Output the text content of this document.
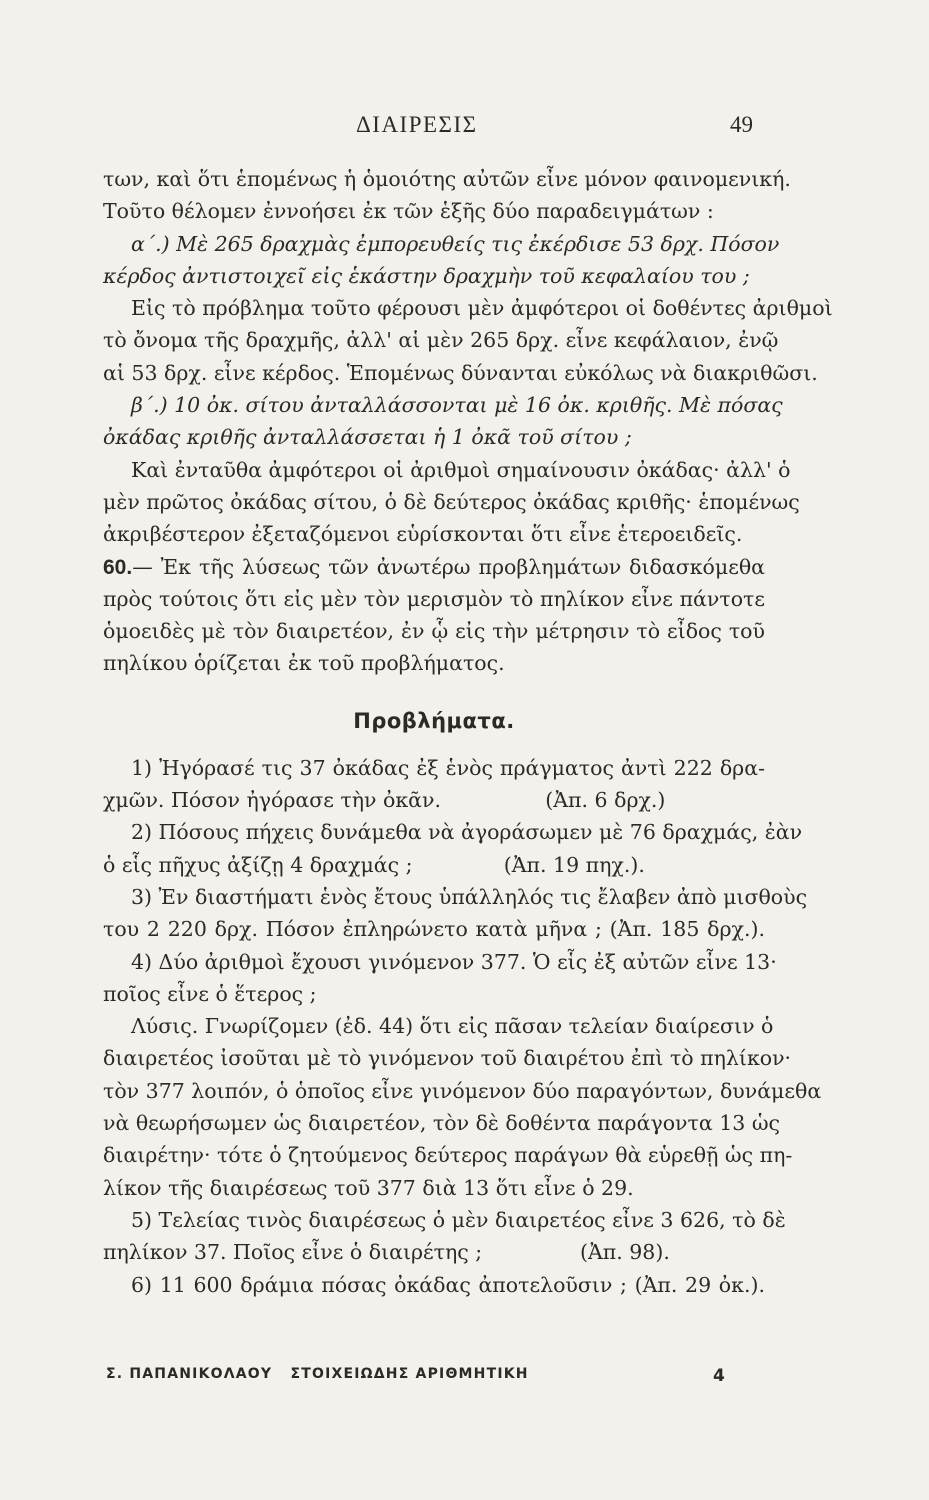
ΔΙΑΙΡΕΣΙΣ	49
των, καὶ ὅτι ἑπομένως ἡ ὁμοιότης αὐτῶν εἶνε μόνον φαινομενική.
Τοῦτο θέλομεν ἐννοήσει ἐκ τῶν ἑξῆς δύο παραδειγμάτων :
α΄.) Μὲ 265 δραχμὰς ἐμπορευθείς τις ἐκέρδισε 53 δρχ. Πόσον
κέρδος ἀντιστοιχεῖ εἰς ἑκάστην δραχμὴν τοῦ κεφαλαίου του ;
Εἰς τὸ πρόβλημα τοῦτο φέρουσι μὲν ἀμφότεροι οἱ δοθέντες ἀριθμοὶ
τὸ ὄνομα τῆς δραχμῆς, ἀλλ' αἱ μὲν 265 δρχ. εἶνε κεφάλαιον, ἐνῷ
αἱ 53 δρχ. εἶνε κέρδος. Ἑπομένως δύνανται εὐκόλως νὰ διακριθῶσι.
β΄.) 10 ὀκ. σίτου ἀνταλλάσσονται μὲ 16 ὀκ. κριθῆς. Μὲ πόσας
ὀκάδας κριθῆς ἀνταλλάσσεται ἡ 1 ὀκᾶ τοῦ σίτου ;
Καὶ ἐνταῦθα ἀμφότεροι οἱ ἀριθμοὶ σημαίνουσιν ὀκάδας· ἀλλ' ὁ
μὲν πρῶτος ὀκάδας σίτου, ὁ δὲ δεύτερος ὀκάδας κριθῆς· ἑπομένως
ἀκριβέστερον ἐξεταζόμενοι εὑρίσκονται ὅτι εἶνε ἑτεροειδεῖς.
60.— Ἐκ τῆς λύσεως τῶν ἀνωτέρω προβλημάτων διδασκόμεθα
πρὸς τούτοις ὅτι εἰς μὲν τὸν μερισμὸν τὸ πηλίκον εἶνε πάντοτε
ὁμοειδὲς μὲ τὸν διαιρετέον, ἐν ᾧ εἰς τὴν μέτρησιν τὸ εἶδος τοῦ
πηλίκου ὁρίζεται ἐκ τοῦ προβλήματος.
Προβλήματα.
1) Ἠγόρασέ τις 37 ὀκάδας ἐξ ἑνὸς πράγματος ἀντὶ 222 δρα-
χμῶν. Πόσον ἠγόρασε τὴν ὀκᾶν.                (Ἀπ. 6 δρχ.)
2) Πόσους πήχεις δυνάμεθα νὰ ἀγοράσωμεν μὲ 76 δραχμάς, ἐὰν
ὁ εἷς πῆχυς ἀξίζῃ 4 δραχμάς ;              (Ἀπ. 19 πηχ.).
3) Ἐν διαστήματι ἑνὸς ἔτους ὑπάλληλός τις ἔλαβεν ἀπὸ μισθοὺς
του 2 220 δρχ. Πόσον ἐπληρώνετο κατὰ μῆνα ; (Ἀπ. 185 δρχ.).
4) Δύο ἀριθμοὶ ἔχουσι γινόμενον 377. Ὁ εἷς ἐξ αὐτῶν εἶνε 13·
ποῖος εἶνε ὁ ἕτερος ;
Λύσις. Γνωρίζομεν (ἐδ. 44) ὅτι εἰς πᾶσαν τελείαν διαίρεσιν ὁ
διαιρετέος ἰσοῦται μὲ τὸ γινόμενον τοῦ διαιρέτου ἐπὶ τὸ πηλίκον·
τὸν 377 λοιπόν, ὁ ὁποῖος εἶνε γινόμενον δύο παραγόντων, δυνάμεθα
νὰ θεωρήσωμεν ὡς διαιρετέον, τὸν δὲ δοθέντα παράγοντα 13 ὡς
διαιρέτην· τότε ὁ ζητούμενος δεύτερος παράγων θὰ εὑρεθῇ ὡς πη-
λίκον τῆς διαιρέσεως τοῦ 377 διὰ 13 ὅτι εἶνε ὁ 29.
5) Τελείας τινὸς διαιρέσεως ὁ μὲν διαιρετέος εἶνε 3 626, τὸ δὲ
πηλίκον 37. Ποῖος εἶνε ὁ διαιρέτης ;               (Ἀπ. 98).
6) 11 600 δράμια πόσας ὀκάδας ἀποτελοῦσιν ; (Ἀπ. 29 ὀκ.).
Σ. ΠΑΠΑΝΙΚΟΛΑΟΥ   ΣΤΟΙΧΕΙΩΔΗΣ ΑΡΙΘΜΗΤΙΚΗ	4
